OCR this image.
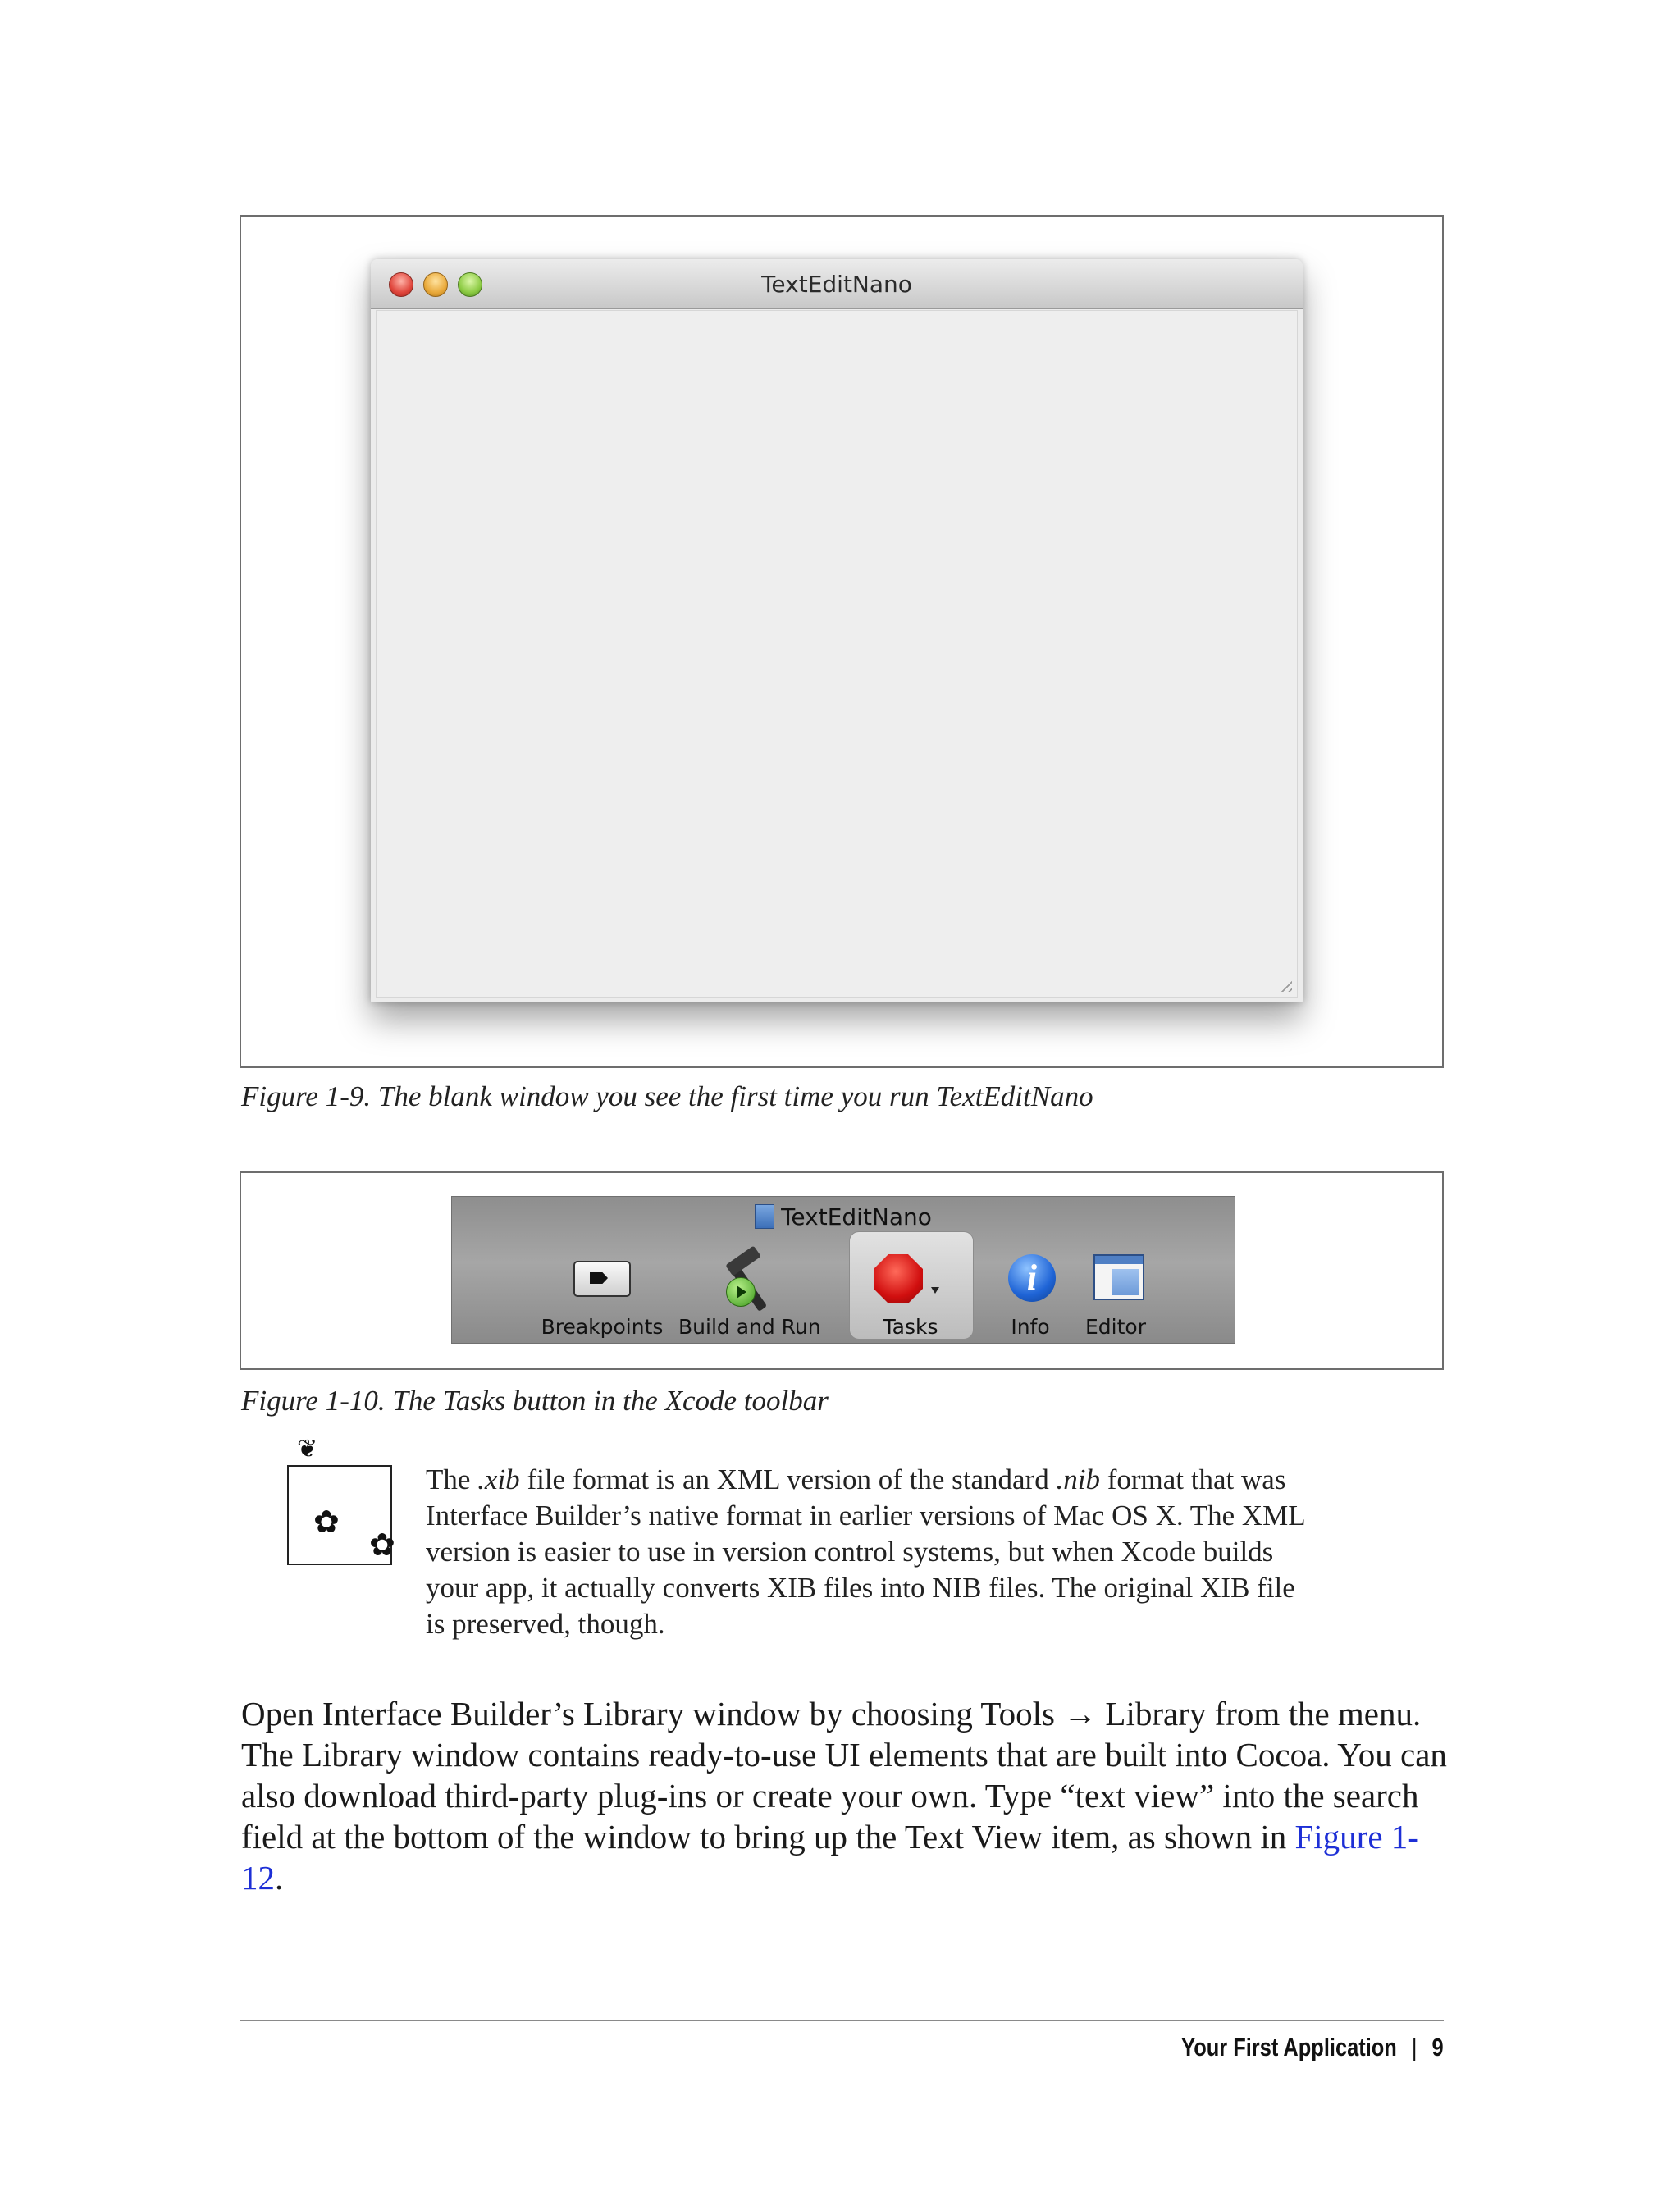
TextEditNano
Figure 1-9. The blank window you see the first time you run TextEditNano
TextEditNano
Breakpoints Build and Run	Tasks
i
Info	Editor
Figure 1-10. The Tasks button in the Xcode toolbar
❦
✿
✿
The .xib file format is an XML version of the standard .nib format that was Interface Builder’s native format in earlier versions of Mac OS X. The XML version is easier to use in version control systems, but when Xcode builds your app, it actually converts XIB files into NIB files. The original XIB file is preserved, though.
Open Interface Builder’s Library window by choosing Tools → Library from the menu. The Library window contains ready-to-use UI elements that are built into Cocoa. You can also download third-party plug-ins or create your own. Type “text view” into the search field at the bottom of the window to bring up the Text View item, as shown in Figure 1-12.
Your First Application | 9
